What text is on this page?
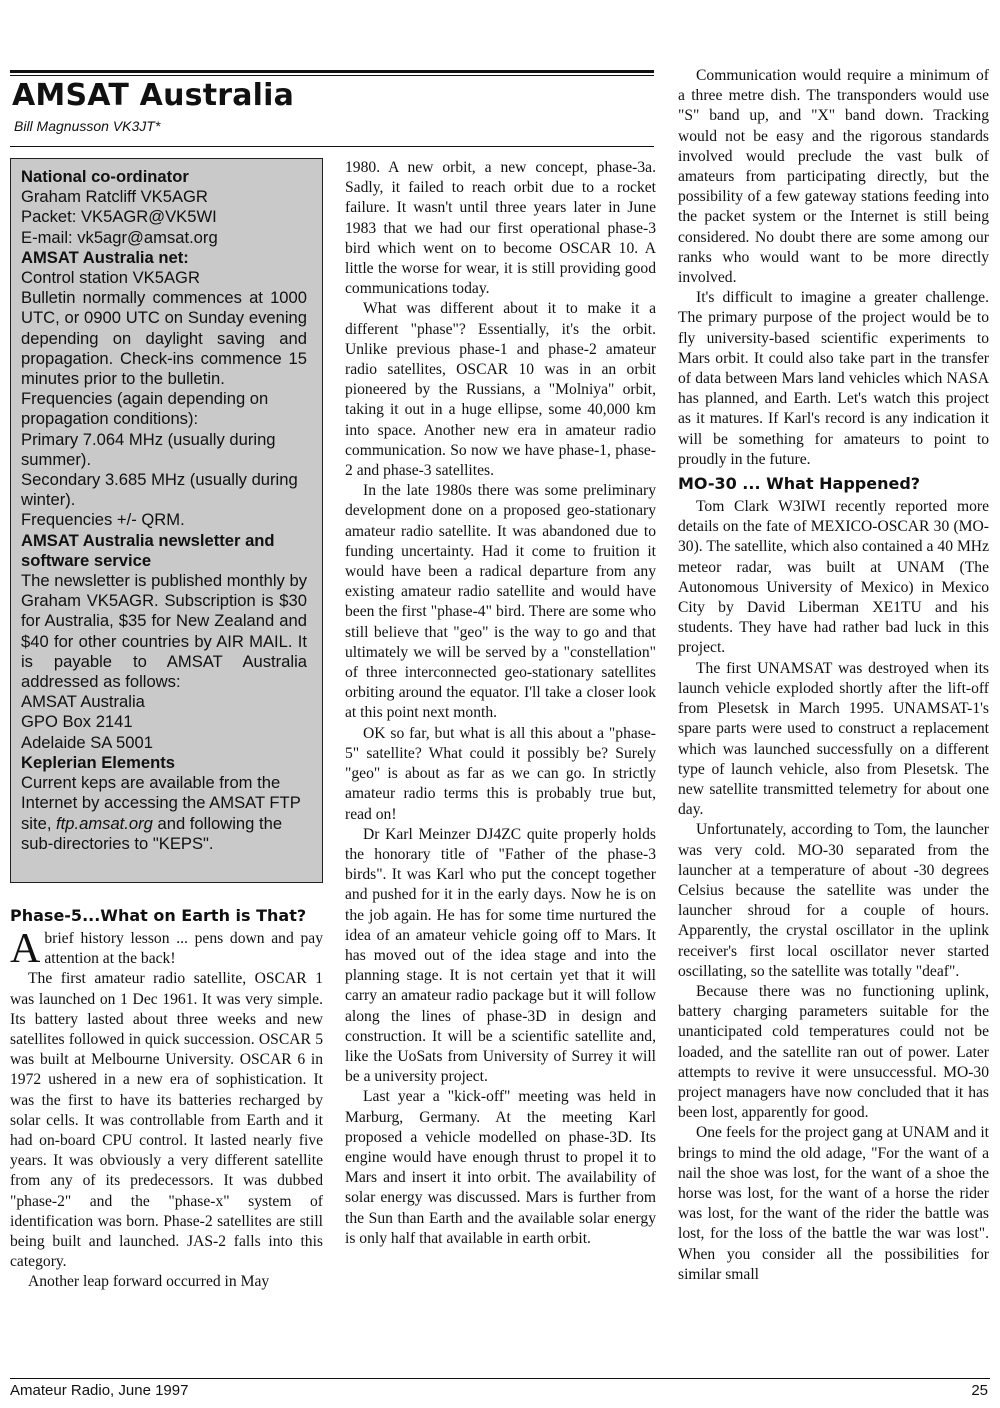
AMSAT Australia
Bill Magnusson VK3JT*
National co-ordinator
Graham Ratcliff VK5AGR
Packet: VK5AGR@VK5WI
E-mail: vk5agr@amsat.org
AMSAT Australia net:
Control station VK5AGR
Bulletin normally commences at 1000 UTC, or 0900 UTC on Sunday evening depending on daylight saving and propagation. Check-ins commence 15 minutes prior to the bulletin.
Frequencies (again depending on propagation conditions):
Primary 7.064 MHz (usually during summer).
Secondary 3.685 MHz (usually during winter).
Frequencies +/- QRM.
AMSAT Australia newsletter and software service
The newsletter is published monthly by Graham VK5AGR. Subscription is $30 for Australia, $35 for New Zealand and $40 for other countries by AIR MAIL. It is payable to AMSAT Australia addressed as follows:
AMSAT Australia
GPO Box 2141
Adelaide SA 5001
Keplerian Elements
Current keps are available from the Internet by accessing the AMSAT FTP site, ftp.amsat.org and following the sub-directories to "KEPS".
Phase-5...What on Earth is That?

A brief history lesson ... pens down and pay attention at the back!

The first amateur radio satellite, OSCAR 1 was launched on 1 Dec 1961. It was very simple. Its battery lasted about three weeks and new satellites followed in quick succession. OSCAR 5 was built at Melbourne University. OSCAR 6 in 1972 ushered in a new era of sophistication. It was the first to have its batteries recharged by solar cells. It was controllable from Earth and it had on-board CPU control. It lasted nearly five years. It was obviously a very different satellite from any of its predecessors. It was dubbed "phase-2" and the "phase-x" system of identification was born. Phase-2 satellites are still being built and launched. JAS-2 falls into this category.

Another leap forward occurred in May

1980. A new orbit, a new concept, phase-3a. Sadly, it failed to reach orbit due to a rocket failure. It wasn't until three years later in June 1983 that we had our first operational phase-3 bird which went on to become OSCAR 10. A little the worse for wear, it is still providing good communications today.

What was different about it to make it a different "phase"? Essentially, it's the orbit. Unlike previous phase-1 and phase-2 amateur radio satellites, OSCAR 10 was in an orbit pioneered by the Russians, a "Molniya" orbit, taking it out in a huge ellipse, some 40,000 km into space. Another new era in amateur radio communication. So now we have phase-1, phase-2 and phase-3 satellites.

In the late 1980s there was some preliminary development done on a proposed geo-stationary amateur radio satellite. It was abandoned due to funding uncertainty. Had it come to fruition it would have been a radical departure from any existing amateur radio satellite and would have been the first "phase-4" bird. There are some who still believe that "geo" is the way to go and that ultimately we will be served by a "constellation" of three interconnected geo-stationary satellites orbiting around the equator. I'll take a closer look at this point next month.

OK so far, but what is all this about a "phase-5" satellite? What could it possibly be? Surely "geo" is about as far as we can go. In strictly amateur radio terms this is probably true but, read on!

Dr Karl Meinzer DJ4ZC quite properly holds the honorary title of "Father of the phase-3 birds". It was Karl who put the concept together and pushed for it in the early days. Now he is on the job again. He has for some time nurtured the idea of an amateur vehicle going off to Mars. It has moved out of the idea stage and into the planning stage. It is not certain yet that it will carry an amateur radio package but it will follow along the lines of phase-3D in design and construction. It will be a scientific satellite and, like the UoSats from University of Surrey it will be a university project.

Last year a "kick-off" meeting was held in Marburg, Germany. At the meeting Karl proposed a vehicle modelled on phase-3D. Its engine would have enough thrust to propel it to Mars and insert it into orbit. The availability of solar energy was discussed. Mars is further from the Sun than Earth and the available solar energy is only half that available in earth orbit.

Communication would require a minimum of a three metre dish. The transponders would use "S" band up, and "X" band down. Tracking would not be easy and the rigorous standards involved would preclude the vast bulk of amateurs from participating directly, but the possibility of a few gateway stations feeding into the packet system or the Internet is still being considered. No doubt there are some among our ranks who would want to be more directly involved.

It's difficult to imagine a greater challenge. The primary purpose of the project would be to fly university-based scientific experiments to Mars orbit. It could also take part in the transfer of data between Mars land vehicles which NASA has planned, and Earth. Let's watch this project as it matures. If Karl's record is any indication it will be something for amateurs to point to proudly in the future.

MO-30 ... What Happened?

Tom Clark W3IWI recently reported more details on the fate of MEXICO-OSCAR 30 (MO-30). The satellite, which also contained a 40 MHz meteor radar, was built at UNAM (The Autonomous University of Mexico) in Mexico City by David Liberman XE1TU and his students. They have had rather bad luck in this project.

The first UNAMSAT was destroyed when its launch vehicle exploded shortly after the lift-off from Plesetsk in March 1995. UNAMSAT-1's spare parts were used to construct a replacement which was launched successfully on a different type of launch vehicle, also from Plesetsk. The new satellite transmitted telemetry for about one day.

Unfortunately, according to Tom, the launcher was very cold. MO-30 separated from the launcher at a temperature of about -30 degrees Celsius because the satellite was under the launcher shroud for a couple of hours. Apparently, the crystal oscillator in the uplink receiver's first local oscillator never started oscillating, so the satellite was totally "deaf".

Because there was no functioning uplink, battery charging parameters suitable for the unanticipated cold temperatures could not be loaded, and the satellite ran out of power. Later attempts to revive it were unsuccessful. MO-30 project managers have now concluded that it has been lost, apparently for good.

One feels for the project gang at UNAM and it brings to mind the old adage, "For the want of a nail the shoe was lost, for the want of a shoe the horse was lost, for the want of a horse the rider was lost, for the want of the rider the battle was lost, for the loss of the battle the war was lost". When you consider all the possibilities for similar small

Amateur Radio, June 1997	25
